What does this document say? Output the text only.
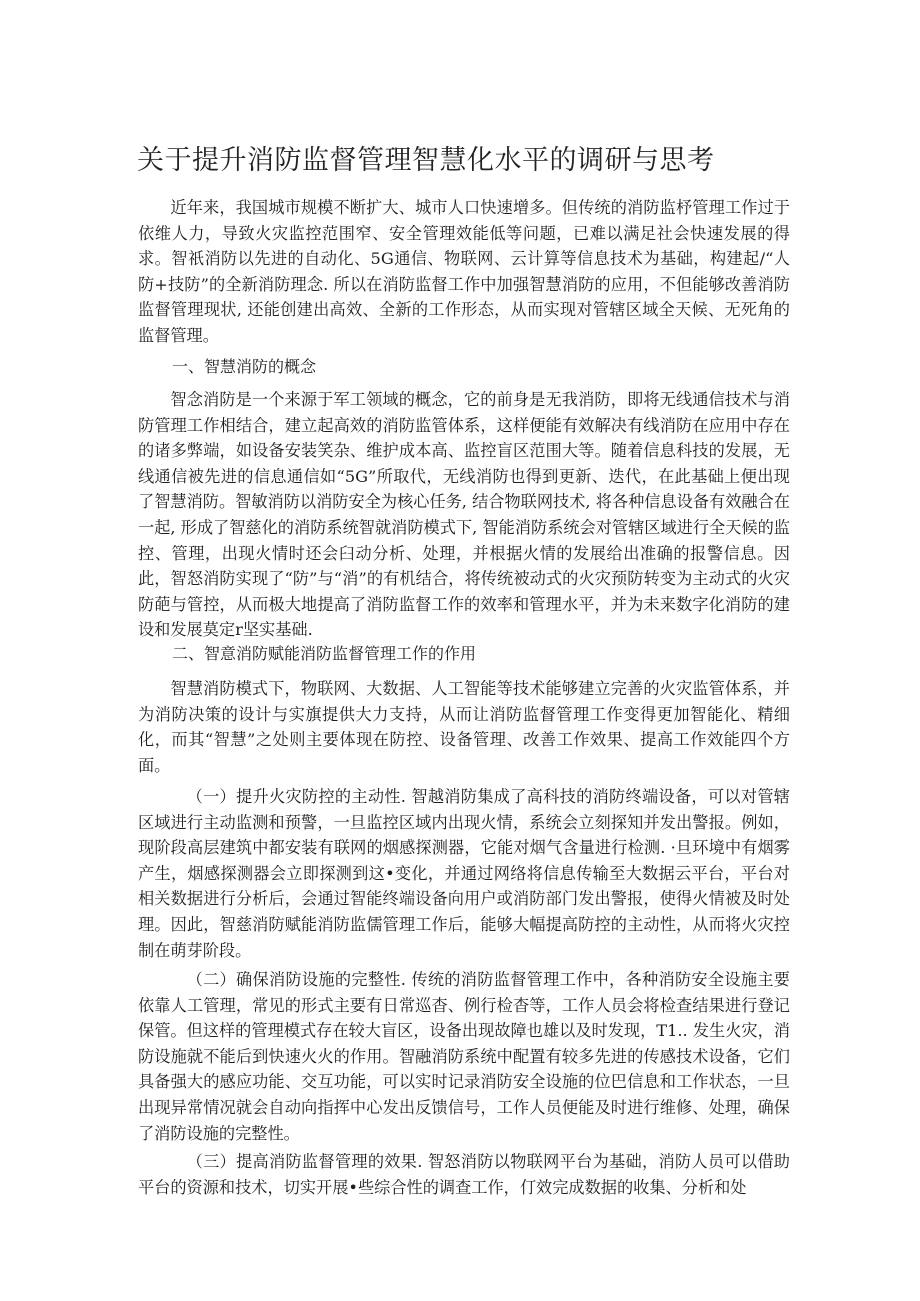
关于提升消防监督管理智慧化水平的调研与思考

近年来，我国城市规模不断扩大、城市人口快速增多。但传统的消防监杼管理工作过于依维人力，导致火灾监控范围窄、安全管理效能低等问题，已难以满足社会快速发展的得求。智祇消防以先进的自动化、5G通信、物联网、云计算等信息技术为基础，构建起/“人防+技防”的全新消防理念. 所以在消防监督工作中加强智慧消防的应用，不但能够改善消防监督管理现状, 还能创建出高效、全新的工作形态，从而实现对管辖区域全天候、无死角的监督管理。

一、智慧消防的概念

智念消防是一个来源于军工领域的概念，它的前身是无我消防，即将无线通信技术与消防管理工作相结合，建立起高效的消防监管体系，这样便能有效解决有线消防在应用中存在的诸多弊端，如设备安装笑杂、维护成本高、监控盲区范围大等。随着信息科技的发展，无线通信被先进的信息通信如“5G”所取代，无线消防也得到更新、迭代，在此基础上便出现了智慧消防。智敏消防以消防安全为核心任务, 结合物联网技术, 将各种信息设备有效融合在一起, 形成了智慈化的消防系统智就消防模式下, 智能消防系统会对管辖区域进行全天候的监控、管理，出现火情时还会臼动分析、处理，并根据火情的发展给出准确的报警信息。因此，智怒消防实现了“防”与“消”的有机结合，将传统被动式的火灾预防转变为主动式的火灾防葩与管控，从而极大地提高了消防监督工作的效率和管理水平，并为未来数字化消防的建设和发展莫定r坚实基础.

二、智意消防赋能消防监督管理工作的作用

智慧消防模式下，物联网、大数据、人工智能等技术能够建立完善的火灾监管体系，并为消防决策的设计与实旗提供大力支持，从而让消防监督管理工作变得更加智能化、精细化，而其“智慧”之处则主要体现在防控、设备管理、改善工作效果、提高工作效能四个方面。

（一）提升火灾防控的主动性. 智越消防集成了高科技的消防终端设备，可以对管辖区域进行主动监测和预警，一旦监控区域内出现火情，系统会立刻探知并发出警报。例如，现阶段高层建筑中都安装有联网的烟感探测器，它能对烟气含量进行检测. ·旦环境中有烟雾产生，烟感探测器会立即探测到这•变化，并通过网络将信息传输至大数据云平台，平台对相关数据进行分析后，会通过智能终端设备向用户或消防部门发出警报，使得火情被及时处理。因此，智慈消防赋能消防监儒管理工作后，能够大幅提高防控的主动性，从而将火灾控制在萌芽阶段。

（二）确保消防设施的完整性. 传统的消防监督管理工作中，各种消防安全设施主要依靠人工管理，常见的形式主要有日常巡杳、例行检杳等，工作人员会将检查结果进行登记保管。但这样的管理模式存在较大盲区，设备出现故障也雄以及时发现，T1.. 发生火灾，消防设施就不能后到快速火火的作用。智融消防系统中配置有较多先进的传感技术设备，它们具备强大的感应功能、交互功能，可以实时记录消防安全设施的位巴信息和工作状态，一旦出现异常情况就会自动向指挥中心发出反馈信号，工作人员便能及时进行维修、处理，确保了消防设施的完整性。

（三）提高消防监督管理的效果. 智怒消防以物联网平台为基础，消防人员可以借助平台的资源和技术，切实开展•些综合性的调查工作，仃效完成数据的收集、分析和处
